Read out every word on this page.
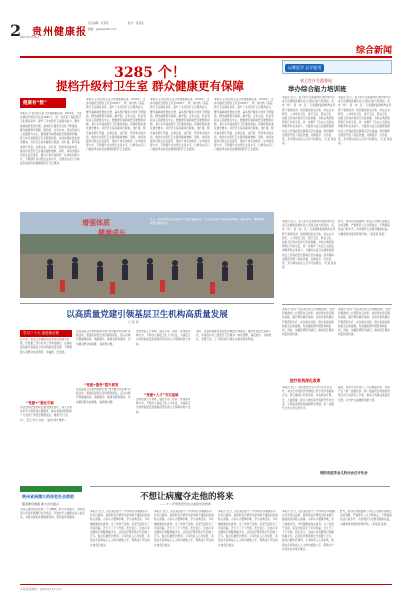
2 贵州健康报
责任编辑：某某某	版式：某某某
邮箱：gzjkb@163.com
2023年1月18日
综合新闻
3285 个！
提档升级村卫生室 群众健康更有保障
健康有“数”
本报讯 记者日前从省卫生健康委获悉，2022年，全省共提档升级村卫生室3285个，进一步改善了基层医疗卫生服务条件，提升了乡村医疗卫生服务能力，群众看病就医更加方便，基本医疗服务可及性不断提高，群众健康更有保障。据介绍，去年以来，我省坚持以人民健康为中心，聚焦群众看病就医急难愁盼问题，着力补齐基层医疗卫生服务短板。各地按照标准化建设要求，对村卫生室房屋进行新建、改扩建，配齐基本医疗设备，完善诊室、治疗室、药房等功能布局，推动乡村医疗卫生服务提质增效。同时，持续加强乡村医生队伍建设，通过订单定向培养、在岗培训等方式，不断提升乡村医生业务水平，让群众在家门口就能享受到优质便捷的医疗卫生服务。
本报讯 记者日前从省卫生健康委获悉，2022年，全省共提档升级村卫生室3285个，进一步改善了基层医疗卫生服务条件，提升了乡村医疗卫生服务能力，群众看病就医更加方便，基本医疗服务可及性不断提高，群众健康更有保障。据介绍，去年以来，我省坚持以人民健康为中心，聚焦群众看病就医急难愁盼问题，着力补齐基层医疗卫生服务短板。各地按照标准化建设要求，对村卫生室房屋进行新建、改扩建，配齐基本医疗设备，完善诊室、治疗室、药房等功能布局，推动乡村医疗卫生服务提质增效。同时，持续加强乡村医生队伍建设，通过订单定向培养、在岗培训等方式，不断提升乡村医生业务水平，让群众在家门口就能享受到优质便捷的医疗卫生服务。
本报讯 记者日前从省卫生健康委获悉，2022年，全省共提档升级村卫生室3285个，进一步改善了基层医疗卫生服务条件，提升了乡村医疗卫生服务能力，群众看病就医更加方便，基本医疗服务可及性不断提高，群众健康更有保障。据介绍，去年以来，我省坚持以人民健康为中心，聚焦群众看病就医急难愁盼问题，着力补齐基层医疗卫生服务短板。各地按照标准化建设要求，对村卫生室房屋进行新建、改扩建，配齐基本医疗设备，完善诊室、治疗室、药房等功能布局，推动乡村医疗卫生服务提质增效。同时，持续加强乡村医生队伍建设，通过订单定向培养、在岗培训等方式，不断提升乡村医生业务水平，让群众在家门口就能享受到优质便捷的医疗卫生服务。
本报讯 记者日前从省卫生健康委获悉，2022年，全省共提档升级村卫生室3285个，进一步改善了基层医疗卫生服务条件，提升了乡村医疗卫生服务能力，群众看病就医更加方便，基本医疗服务可及性不断提高，群众健康更有保障。据介绍，去年以来，我省坚持以人民健康为中心，聚焦群众看病就医急难愁盼问题，着力补齐基层医疗卫生服务短板。各地按照标准化建设要求，对村卫生室房屋进行新建、改扩建，配齐基本医疗设备，完善诊室、治疗室、药房等功能布局，推动乡村医疗卫生服务提质增效。同时，持续加强乡村医生队伍建设，通过订单定向培养、在岗培训等方式，不断提升乡村医生业务水平，让群众在家门口就能享受到优质便捷的医疗卫生服务。
以赛促学 以学促用
省卫生计生监督局
举办综合能力培训班
本报讯 近日，省卫生计生监督局在贵阳举办全省卫生健康监督执法人员综合能力培训班，各市（州）、县（市、区）卫生健康监督机构业务骨干参加培训。培训围绕依法行政、执法文书规范、公共场所卫生、医疗卫生、职业卫生、放射卫生等内容进行系统讲解，并结合典型案例进行分析交流，进一步提升了执法人员的法律素养和业务能力，为推进全省卫生健康监督执法工作高质量发展奠定坚实基础。培训期间还组织开展了技能竞赛，以赛促学、以学促用，充分调动执法人员学习积极性。（记者 某某某）
本报讯 近日，省卫生计生监督局在贵阳举办全省卫生健康监督执法人员综合能力培训班，各市（州）、县（市、区）卫生健康监督机构业务骨干参加培训。培训围绕依法行政、执法文书规范、公共场所卫生、医疗卫生、职业卫生、放射卫生等内容进行系统讲解，并结合典型案例进行分析交流，进一步提升了执法人员的法律素养和业务能力，为推进全省卫生健康监督执法工作高质量发展奠定坚实基础。培训期间还组织开展了技能竞赛，以赛促学、以学促用，充分调动执法人员学习积极性。（记者 某某某）
增强体质
健康成长
近日，黔东南州某县民族中学开展大课间活动，学生们在操场上跳起民族舞蹈，锻炼身体、增强体质，展现出青春活力。
本报讯 近日，省卫生计生监督局在贵阳举办全省卫生健康监督执法人员综合能力培训班，各市（州）、县（市、区）卫生健康监督机构业务骨干参加培训。培训围绕依法行政、执法文书规范、公共场所卫生、医疗卫生、职业卫生、放射卫生等内容进行系统讲解，并结合典型案例进行分析交流，进一步提升了执法人员的法律素养和业务能力，为推进全省卫生健康监督执法工作高质量发展奠定坚实基础。培训期间还组织开展了技能竞赛，以赛促学、以学促用，充分调动执法人员学习积极性。（记者 某某某）
此外，培训还特别强调了执法人员要牢固树立法治思维，严格规范公正文明执法，不断提高依法行政水平，切实维护人民群众健康权益，为健康贵州建设保驾护航。（某某某 某某）
以高质量党建引领基层卫生机构高质量发展
□ 某 某
学习二十大 奋进新征程
近年来，某县卫生健康系统坚持以党建为引领，把党建工作与业务工作深度融合，以高质量党建引领基层卫生机构高质量发展，不断增强人民群众的获得感、幸福感、安全感。
“党建+”强化引领
该县坚持把党的政治建设摆在首位，深入开展党史学习教育和主题教育，推动各级党组织和广大党员干部坚定理想信念，增强“四个意识”、坚定“四个自信”、做到“两个维护”。
全县基层卫生机构积极开展“我为群众办实事”实践活动，组建家庭医生签约服务团队，深入村寨开展健康体检、慢病随访、健康宣教等服务，切实解决群众看病难、看病贵问题。
“党建+服务”提升质效
全县基层卫生机构积极开展“我为群众办实事”实践活动，组建家庭医生签约服务团队，深入村寨开展健康体检、慢病随访、健康宣教等服务，切实解决群众看病难、看病贵问题。
坚持党管人才原则，通过引进、培养、使用等多种方式，不断壮大基层卫生人才队伍，为基层卫生机构高质量发展提供坚实的人才保障和智力支持。
“党建+人才”夯实基础
坚持党管人才原则，通过引进、培养、使用等多种方式，不断壮大基层卫生人才队伍，为基层卫生机构高质量发展提供坚实的人才保障和智力支持。
同时，该县积极推进紧密型县域医共体建设，推动优质医疗资源下沉，实现县乡村三级医疗卫生服务一体化管理，基层首诊、双向转诊、急慢分治、上下联动的分级诊疗格局逐步形成。
本报讯 为进一步深化医药卫生体制改革，某市积极推进公立医院综合改革，持续优化医疗服务流程，提升群众就医体验。各医疗机构通过开展预约诊疗、优化就诊流程、推行检查检验结果互认等措施，有效缩短群众就医等候时间。同时，加强医德医风建设，推动医疗服务质量持续改善。
本报讯 为进一步深化医药卫生体制改革，某市积极推进公立医院综合改革，持续优化医疗服务流程，提升群众就医体验。各医疗机构通过开展预约诊疗、优化就诊流程、推行检查检验结果互认等措施，有效缩短群众就医等候时间。同时，加强医德医风建设，推动医疗服务质量持续改善。
医疗机构深化改革
本报讯 近日，贵阳市医学会儿科分会年会召开，来自全市各医疗机构的儿科专家学者参加会议。会议围绕儿科常见病、多发病诊疗规范，儿童保健，新生儿救治等内容展开学术交流，分享临床经验和最新研究进展，进一步提升全市儿科诊疗水平。
据悉，本次年会还进行了分会换届选举，选举产生了新一届委员会。新一届委员会将团结带领全市儿科医务工作者，推动儿科事业高质量发展，为守护儿童健康贡献力量。
贵阳市医学会儿科分会召开年会
贵州省洲潭大药房老社会救助
服务群众健康 助力乡村振兴
为深入贯彻落实党的二十大精神，助力乡村振兴，贵州省某大药房积极履行社会责任，开展老年人健康关爱公益活动，为群众提供免费健康咨询、用药指导等服务。
不想让病魔夺走他的将来
——十八岁男孩患急性白血病急需救助
本报讯 近日，家住某县的十八岁男孩小李被确诊为急性白血病，高昂的治疗费用让原本就不富裕的家庭陷入困境。小李从小懂事孝顺，学习成绩优异，今年刚刚参加完高考。为了给孩子治病，家里已经花光了所有积蓄，还欠下了不少外债。医生表示，目前小李需要进行骨髓移植手术，后续治疗费用预计还需数十万元。面对巨额医疗费用，小李的家人心急如焚，希望社会各界爱心人士伸出援助之手，帮助这个年轻的生命度过难关。
本报讯 近日，家住某县的十八岁男孩小李被确诊为急性白血病，高昂的治疗费用让原本就不富裕的家庭陷入困境。小李从小懂事孝顺，学习成绩优异，今年刚刚参加完高考。为了给孩子治病，家里已经花光了所有积蓄，还欠下了不少外债。医生表示，目前小李需要进行骨髓移植手术，后续治疗费用预计还需数十万元。面对巨额医疗费用，小李的家人心急如焚，希望社会各界爱心人士伸出援助之手，帮助这个年轻的生命度过难关。
本报讯 近日，家住某县的十八岁男孩小李被确诊为急性白血病，高昂的治疗费用让原本就不富裕的家庭陷入困境。小李从小懂事孝顺，学习成绩优异，今年刚刚参加完高考。为了给孩子治病，家里已经花光了所有积蓄，还欠下了不少外债。医生表示，目前小李需要进行骨髓移植手术，后续治疗费用预计还需数十万元。面对巨额医疗费用，小李的家人心急如焚，希望社会各界爱心人士伸出援助之手，帮助这个年轻的生命度过难关。
本报讯 近日，家住某县的十八岁男孩小李被确诊为急性白血病，高昂的治疗费用让原本就不富裕的家庭陷入困境。小李从小懂事孝顺，学习成绩优异，今年刚刚参加完高考。为了给孩子治病，家里已经花光了所有积蓄，还欠下了不少外债。医生表示，目前小李需要进行骨髓移植手术，后续治疗费用预计还需数十万元。面对巨额医疗费用，小李的家人心急如焚，希望社会各界爱心人士伸出援助之手，帮助这个年轻的生命度过难关。
此外，培训还特别强调了执法人员要牢固树立法治思维，严格规范公正文明执法，不断提高依法行政水平，切实维护人民群众健康权益，为健康贵州建设保驾护航。（某某某 某某）
本版投稿邮箱：gzjkb@163.com
